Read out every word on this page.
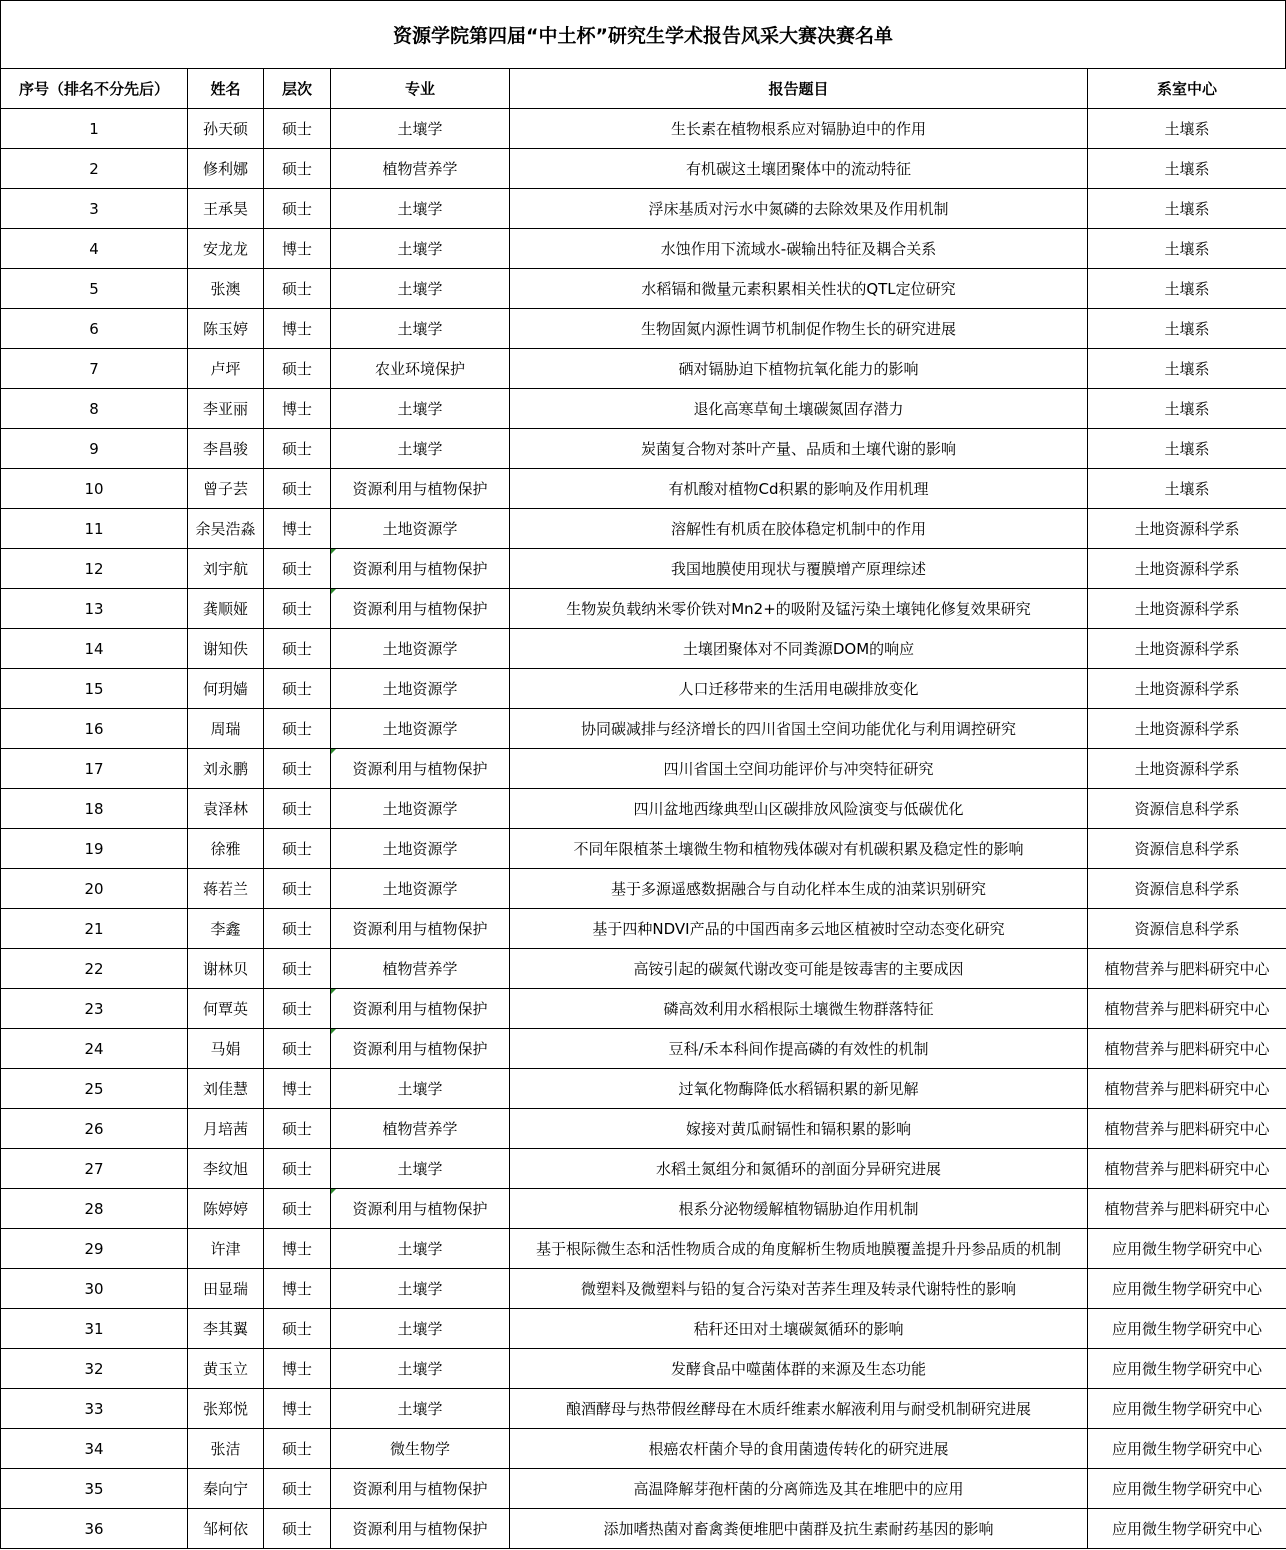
资源学院第四届“中土杯”研究生学术报告风采大赛决赛名单
序号（排名不分先后）	姓名	层次	专业	报告题目	系室中心
1	孙天硕	硕士	土壤学	生长素在植物根系应对镉胁迫中的作用	土壤系
2	修利娜	硕士	植物营养学	有机碳这土壤团聚体中的流动特征	土壤系
3	王承昊	硕士	土壤学	浮床基质对污水中氮磷的去除效果及作用机制	土壤系
4	安龙龙	博士	土壤学	水蚀作用下流域水-碳输出特征及耦合关系	土壤系
5	张澳	硕士	土壤学	水稻镉和微量元素积累相关性状的QTL定位研究	土壤系
6	陈玉婷	博士	土壤学	生物固氮内源性调节机制促作物生长的研究进展	土壤系
7	卢坪	硕士	农业环境保护	硒对镉胁迫下植物抗氧化能力的影响	土壤系
8	李亚丽	博士	土壤学	退化高寒草甸土壤碳氮固存潜力	土壤系
9	李昌骏	硕士	土壤学	炭菌复合物对茶叶产量、品质和土壤代谢的影响	土壤系
10	曾子芸	硕士	资源利用与植物保护	有机酸对植物Cd积累的影响及作用机理	土壤系
11	余吴浩淼	博士	土地资源学	溶解性有机质在胶体稳定机制中的作用	土地资源科学系
12	刘宇航	硕士	资源利用与植物保护	我国地膜使用现状与覆膜增产原理综述	土地资源科学系
13	龚顺娅	硕士	资源利用与植物保护	生物炭负载纳米零价铁对Mn2+的吸附及锰污染土壤钝化修复效果研究	土地资源科学系
14	谢知佚	硕士	土地资源学	土壤团聚体对不同粪源DOM的响应	土地资源科学系
15	何玥嫱	硕士	土地资源学	人口迁移带来的生活用电碳排放变化	土地资源科学系
16	周瑞	硕士	土地资源学	协同碳减排与经济增长的四川省国土空间功能优化与利用调控研究	土地资源科学系
17	刘永鹏	硕士	资源利用与植物保护	四川省国土空间功能评价与冲突特征研究	土地资源科学系
18	袁泽林	硕士	土地资源学	四川盆地西缘典型山区碳排放风险演变与低碳优化	资源信息科学系
19	徐雅	硕士	土地资源学	不同年限植茶土壤微生物和植物残体碳对有机碳积累及稳定性的影响	资源信息科学系
20	蒋若兰	硕士	土地资源学	基于多源遥感数据融合与自动化样本生成的油菜识别研究	资源信息科学系
21	李鑫	硕士	资源利用与植物保护	基于四种NDVI产品的中国西南多云地区植被时空动态变化研究	资源信息科学系
22	谢林贝	硕士	植物营养学	高铵引起的碳氮代谢改变可能是铵毒害的主要成因	植物营养与肥料研究中心
23	何覃英	硕士	资源利用与植物保护	磷高效利用水稻根际土壤微生物群落特征	植物营养与肥料研究中心
24	马娟	硕士	资源利用与植物保护	豆科/禾本科间作提高磷的有效性的机制	植物营养与肥料研究中心
25	刘佳慧	博士	土壤学	过氧化物酶降低水稻镉积累的新见解	植物营养与肥料研究中心
26	月培茜	硕士	植物营养学	嫁接对黄瓜耐镉性和镉积累的影响	植物营养与肥料研究中心
27	李纹旭	硕士	土壤学	水稻土氮组分和氮循环的剖面分异研究进展	植物营养与肥料研究中心
28	陈婷婷	硕士	资源利用与植物保护	根系分泌物缓解植物镉胁迫作用机制	植物营养与肥料研究中心
29	许津	博士	土壤学	基于根际微生态和活性物质合成的角度解析生物质地膜覆盖提升丹参品质的机制	应用微生物学研究中心
30	田显瑞	博士	土壤学	微塑料及微塑料与铅的复合污染对苦荞生理及转录代谢特性的影响	应用微生物学研究中心
31	李其翼	硕士	土壤学	秸秆还田对土壤碳氮循环的影响	应用微生物学研究中心
32	黄玉立	博士	土壤学	发酵食品中噬菌体群的来源及生态功能	应用微生物学研究中心
33	张郑悦	博士	土壤学	酿酒酵母与热带假丝酵母在木质纤维素水解液利用与耐受机制研究进展	应用微生物学研究中心
34	张洁	硕士	微生物学	根癌农杆菌介导的食用菌遗传转化的研究进展	应用微生物学研究中心
35	秦向宁	硕士	资源利用与植物保护	高温降解芽孢杆菌的分离筛选及其在堆肥中的应用	应用微生物学研究中心
36	邹柯依	硕士	资源利用与植物保护	添加嗜热菌对畜禽粪便堆肥中菌群及抗生素耐药基因的影响	应用微生物学研究中心
